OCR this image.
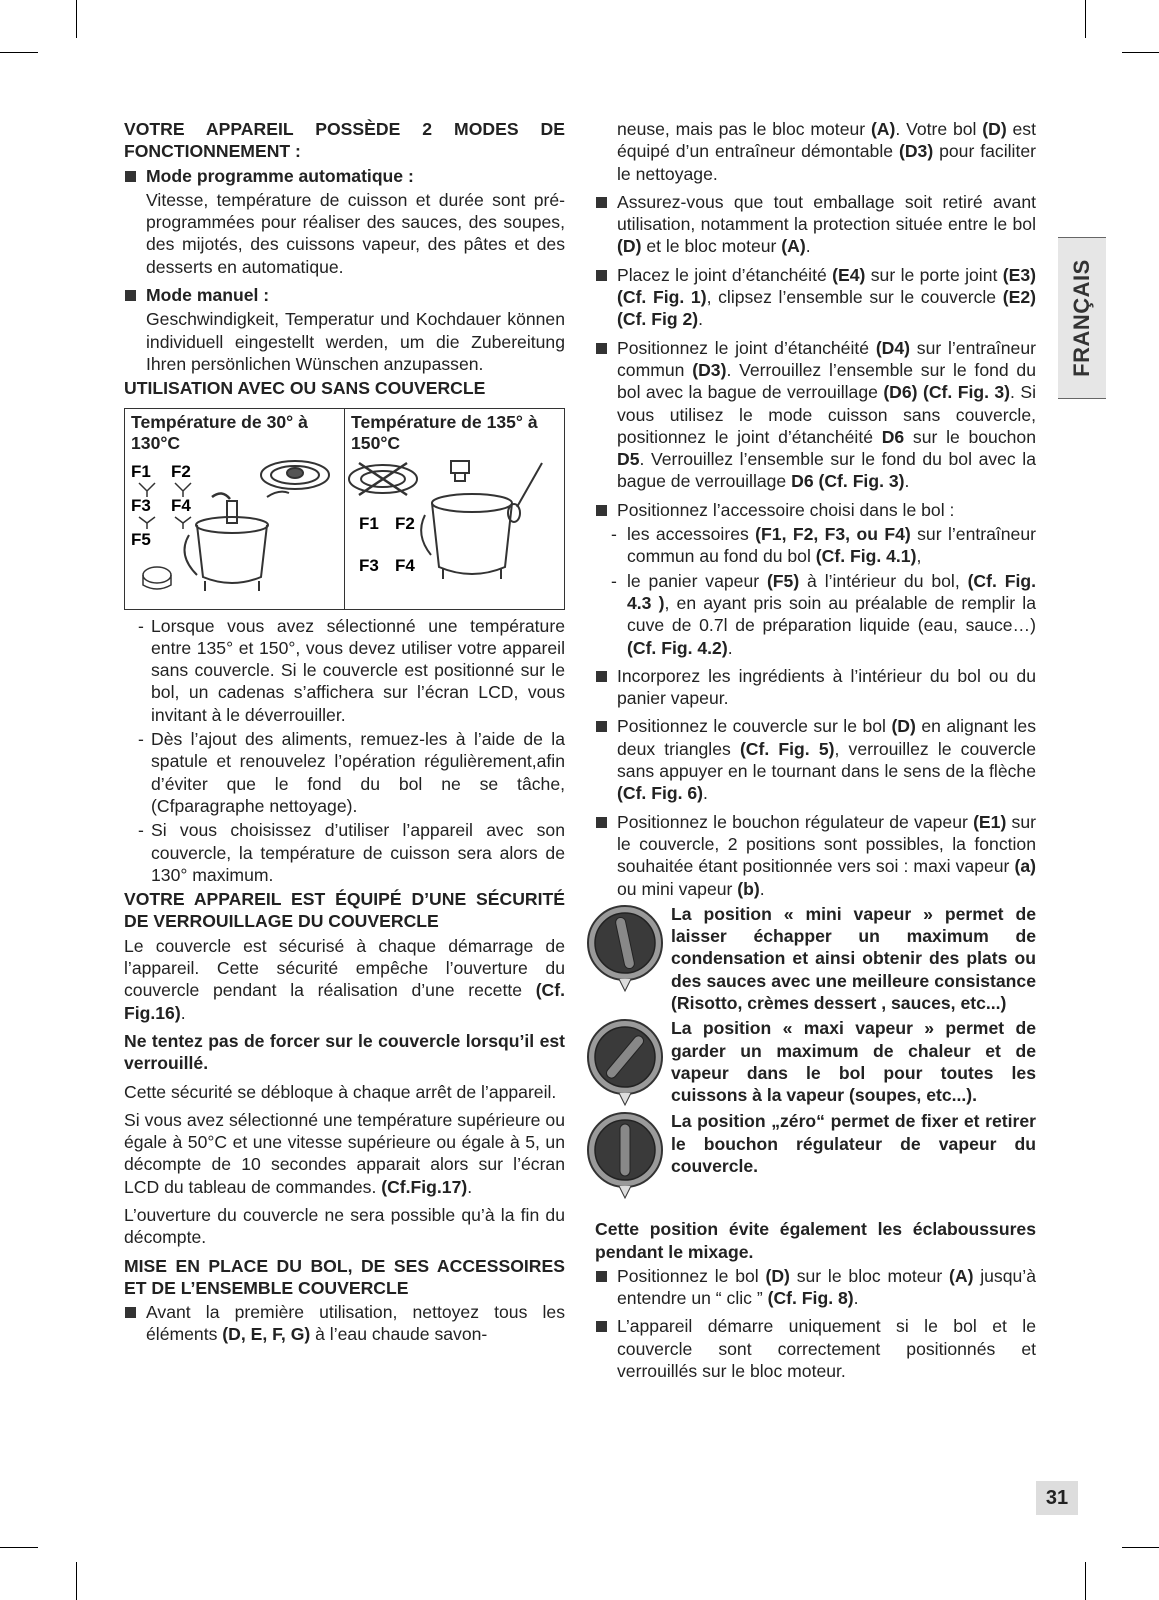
FRANÇAIS
31

VOTRE APPAREIL POSSÈDE 2 MODES DE FONCTIONNEMENT :

Mode programme automatique :

Vitesse, température de cuisson et durée sont pré-programmées pour réaliser des sauces, des soupes, des mijotés, des cuissons vapeur, des pâtes et des desserts en automatique.

Mode manuel :

Geschwindigkeit, Temperatur und Kochdauer können individuell eingestellt werden, um die Zubereitung Ihren persönlichen Wünschen anzupassen.

UTILISATION AVEC OU SANS COUVERCLE

Température de 30° à 130°C
F1 F2
F3 F4
F5
Température de 135° à 150°C
F1 F2
F3 F4

- Lorsque vous avez sélectionné une température entre 135° et 150°, vous devez utiliser votre appareil sans couvercle. Si le couvercle est positionné sur le bol, un cadenas s’affichera sur l’écran LCD, vous invitant à le déverrouiller.

- Dès l’ajout des aliments, remuez-les à l’aide de la spatule et renouvelez l’opération régulièrement,afin d’éviter que le fond du bol ne se tâche, (Cfparagraphe nettoyage).

- Si vous choisissez d’utiliser l’appareil avec son couvercle, la température de cuisson sera alors de 130° maximum.

VOTRE APPAREIL EST ÉQUIPÉ D’UNE SÉCURITÉ DE VERROUILLAGE DU COUVERCLE

Le couvercle est sécurisé à chaque démarrage de l’appareil. Cette sécurité empêche l’ouverture du couvercle pendant la réalisation d’une recette (Cf. Fig.16).

Ne tentez pas de forcer sur le couvercle lorsqu’il est verrouillé.

Cette sécurité se débloque à chaque arrêt de l’appareil.

Si vous avez sélectionné une température supérieure ou égale à 50°C et une vitesse supérieure ou égale à 5, un décompte de 10 secondes apparait alors sur l’écran LCD du tableau de commandes. (Cf.Fig.17).

L’ouverture du couvercle ne sera possible qu’à la fin du décompte.

MISE EN PLACE DU BOL, DE SES ACCESSOIRES ET DE L’ENSEMBLE COUVERCLE

Avant la première utilisation, nettoyez tous les éléments (D, E, F, G) à l’eau chaude savon-

neuse, mais pas le bloc moteur (A). Votre bol (D) est équipé d’un entraîneur démontable (D3) pour faciliter le nettoyage.

Assurez-vous que tout emballage soit retiré avant utilisation, notamment la protection située entre le bol (D) et le bloc moteur (A).

Placez le joint d’étanchéité (E4) sur le porte joint (E3) (Cf. Fig. 1), clipsez l’ensemble sur le couvercle (E2) (Cf. Fig 2).

Positionnez le joint d’étanchéité (D4) sur l’entraîneur commun (D3). Verrouillez l’ensemble sur le fond du bol avec la bague de verrouillage (D6) (Cf. Fig. 3). Si vous utilisez le mode cuisson sans couvercle, positionnez le joint d’étanchéité D6 sur le bouchon D5. Verrouillez l’ensemble sur le fond du bol avec la bague de verrouillage D6 (Cf. Fig. 3).

Positionnez l’accessoire choisi dans le bol :

- les accessoires (F1, F2, F3, ou F4) sur l’entraîneur commun au fond du bol (Cf. Fig. 4.1),

- le panier vapeur (F5) à l’intérieur du bol, (Cf. Fig. 4.3 ), en ayant pris soin au préalable de remplir la cuve de 0.7l de préparation liquide (eau, sauce…) (Cf. Fig. 4.2).

Incorporez les ingrédients à l’intérieur du bol ou du panier vapeur.

Positionnez le couvercle sur le bol (D) en alignant les deux triangles (Cf. Fig. 5), verrouillez le couvercle sans appuyer en le tournant dans le sens de la flèche (Cf. Fig. 6).

Positionnez le bouchon régulateur de vapeur (E1) sur le couvercle, 2 positions sont possibles, la fonction souhaitée étant positionnée vers soi : maxi vapeur (a) ou mini vapeur (b).

La position « mini vapeur » permet de laisser échapper un maximum de condensation et ainsi obtenir des plats ou des sauces avec une meilleure consistance (Risotto, crèmes dessert , sauces, etc...)

La position « maxi vapeur » permet de garder un maximum de chaleur et de vapeur dans le bol pour toutes les cuissons à la vapeur (soupes, etc...).

La position „zéro“ permet de fixer et retirer le bouchon régulateur de vapeur du couvercle.

Cette position évite également les éclaboussures pendant le mixage.

Positionnez le bol (D) sur le bloc moteur (A) jusqu’à entendre un “ clic ” (Cf. Fig. 8).

L’appareil démarre uniquement si le bol et le couvercle sont correctement positionnés et verrouillés sur le bloc moteur.
